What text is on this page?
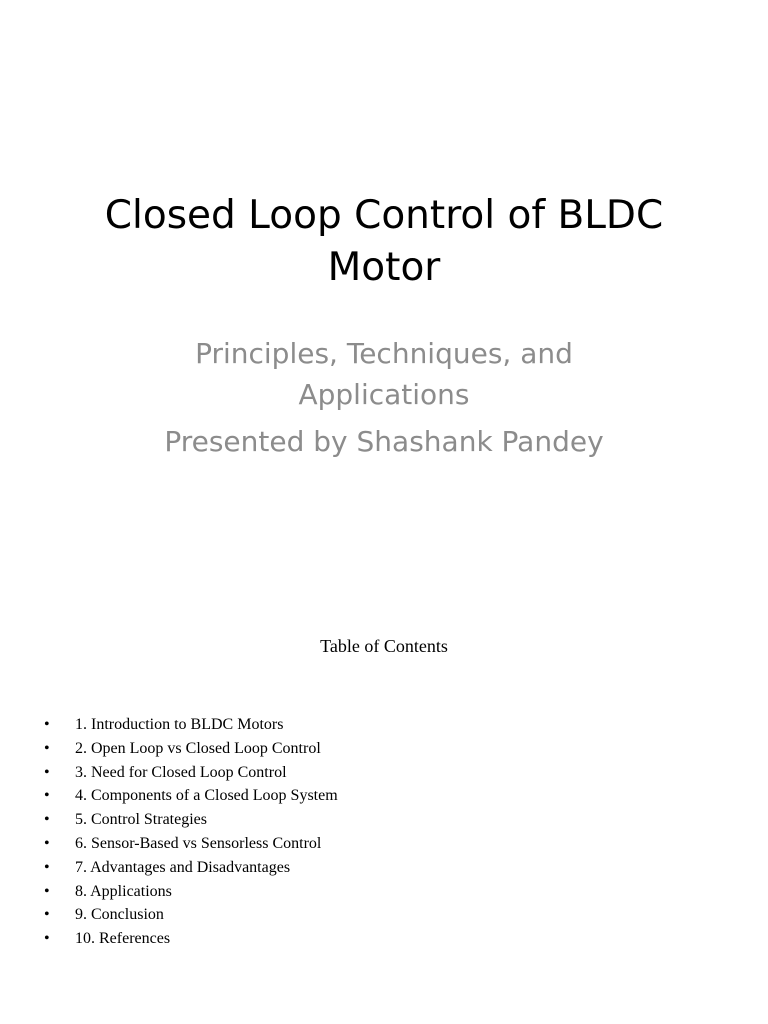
Closed Loop Control of BLDC Motor

Principles, Techniques, and

Applications

Presented by Shashank Pandey

Table of Contents
• 1. Introduction to BLDC Motors
• 2. Open Loop vs Closed Loop Control
• 3. Need for Closed Loop Control
• 4. Components of a Closed Loop System
• 5. Control Strategies
• 6. Sensor-Based vs Sensorless Control
• 7. Advantages and Disadvantages
• 8. Applications
• 9. Conclusion
• 10. References
